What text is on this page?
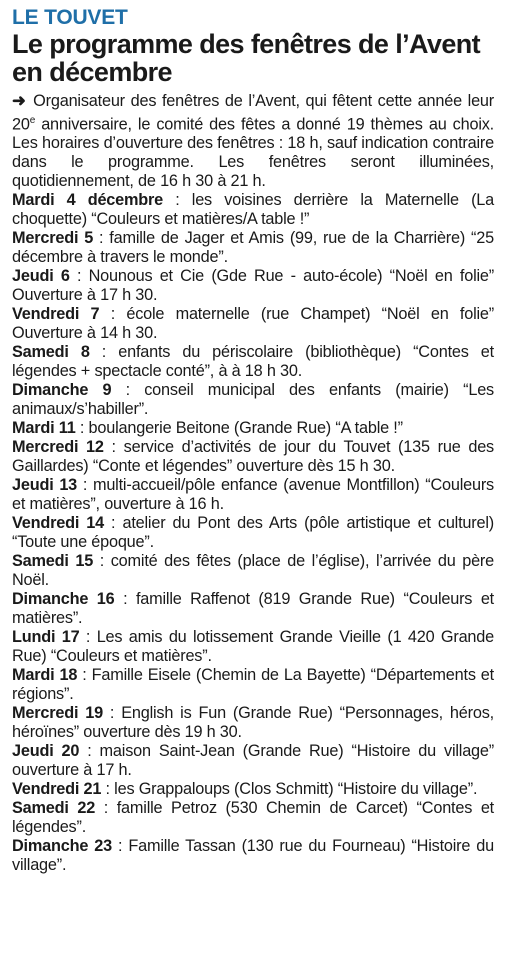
LE TOUVET
Le programme des fenêtres de l’Avent en décembre

➜ Organisateur des fenêtres de l’Avent, qui fêtent cette année leur 20e anniversaire, le comité des fêtes a donné 19 thèmes au choix. Les horaires d’ouverture des fenêtres : 18 h, sauf indication contraire dans le programme. Les fenêtres seront illuminées, quotidiennement, de 16 h 30 à 21 h.

Mardi 4 décembre : les voisines derrière la Maternelle (La choquette) “Couleurs et matières/A table !”

Mercredi 5 : famille de Jager et Amis (99, rue de la Charrière) “25 décembre à travers le monde”.

Jeudi 6 : Nounous et Cie (Gde Rue - auto-école) “Noël en folie” Ouverture à 17 h 30.

Vendredi 7 : école maternelle (rue Champet) “Noël en folie” Ouverture à 14 h 30.

Samedi 8 : enfants du périscolaire (bibliothèque) “Contes et légendes + spectacle conté”, à à 18 h 30.

Dimanche 9 : conseil municipal des enfants (mairie) “Les animaux/s’habiller”.

Mardi 11 : boulangerie Beitone (Grande Rue) “A table !”

Mercredi 12 : service d’activités de jour du Touvet (135 rue des Gaillardes) “Conte et légendes” ouverture dès 15 h 30.

Jeudi 13 : multi-accueil/pôle enfance (avenue Montfillon) “Couleurs et matières”, ouverture à 16 h.

Vendredi 14 : atelier du Pont des Arts (pôle artistique et culturel) “Toute une époque”.

Samedi 15 : comité des fêtes (place de l’église), l’arrivée du père Noël.

Dimanche 16 : famille Raffenot (819 Grande Rue) “Couleurs et matières”.

Lundi 17 : Les amis du lotissement Grande Vieille (1 420 Grande Rue) “Couleurs et matières”.

Mardi 18 : Famille Eisele (Chemin de La Bayette) “Départements et régions”.

Mercredi 19 : English is Fun (Grande Rue) “Personnages, héros, héroïnes” ouverture dès 19 h 30.

Jeudi 20 : maison Saint-Jean (Grande Rue) “Histoire du village” ouverture à 17 h.

Vendredi 21 : les Grappaloups (Clos Schmitt) “Histoire du village”.

Samedi 22 : famille Petroz (530 Chemin de Carcet) “Contes et légendes”.

Dimanche 23 : Famille Tassan (130 rue du Fourneau) “Histoire du village”.
